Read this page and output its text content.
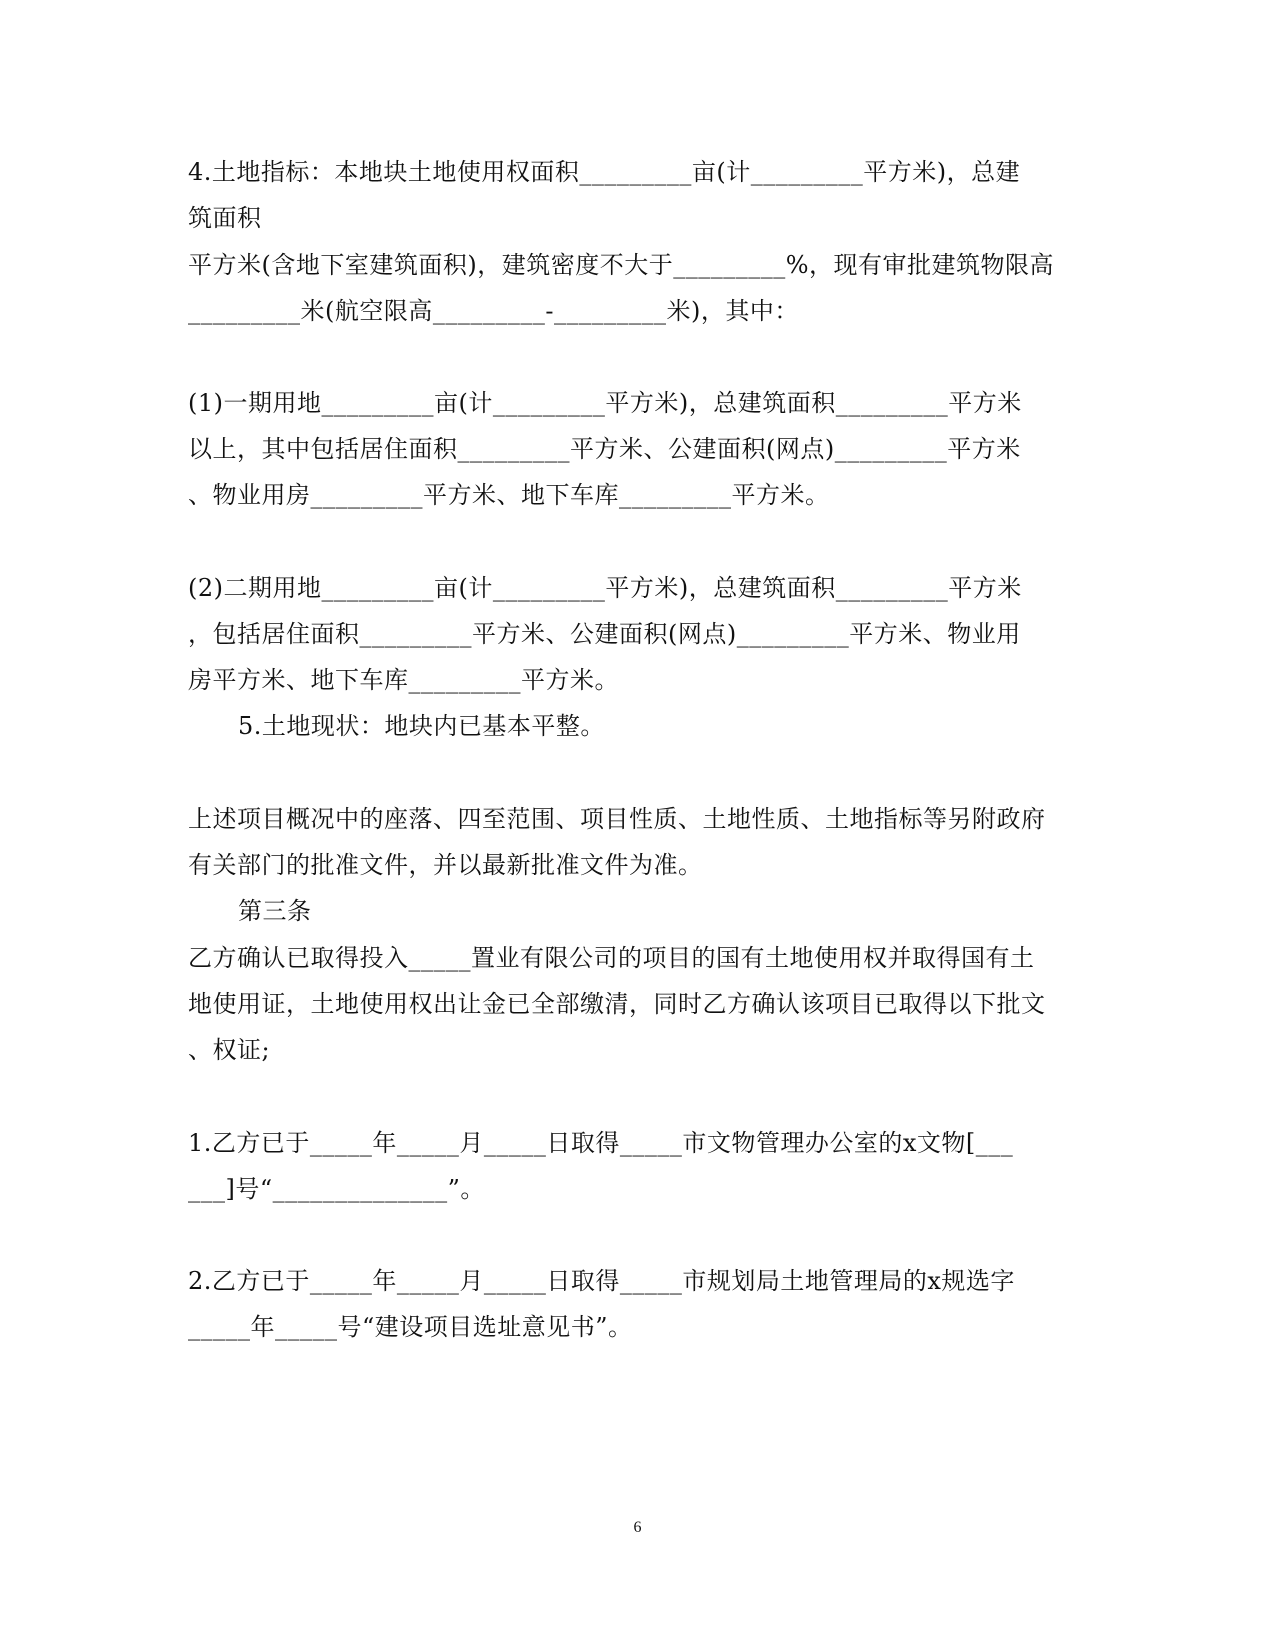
4.土地指标：本地块土地使用权面积_________亩(计_________平方米)，总建
筑面积
平方米(含地下室建筑面积)，建筑密度不大于_________%，现有审批建筑物限高
_________米(航空限高_________-_________米)，其中：
(1)一期用地_________亩(计_________平方米)，总建筑面积_________平方米
以上，其中包括居住面积_________平方米、公建面积(网点)_________平方米
、物业用房_________平方米、地下车库_________平方米。
(2)二期用地_________亩(计_________平方米)，总建筑面积_________平方米
，包括居住面积_________平方米、公建面积(网点)_________平方米、物业用
房平方米、地下车库_________平方米。
5.土地现状：地块内已基本平整。
上述项目概况中的座落、四至范围、项目性质、土地性质、土地指标等另附政府
有关部门的批准文件，并以最新批准文件为准。
第三条
乙方确认已取得投入_____置业有限公司的项目的国有土地使用权并取得国有土
地使用证，土地使用权出让金已全部缴清，同时乙方确认该项目已取得以下批文
、权证;
1.乙方已于_____年_____月_____日取得_____市文物管理办公室的x文物[___
___]号“______________”。
2.乙方已于_____年_____月_____日取得_____市规划局土地管理局的x规选字
_____年_____号“建设项目选址意见书”。
6
